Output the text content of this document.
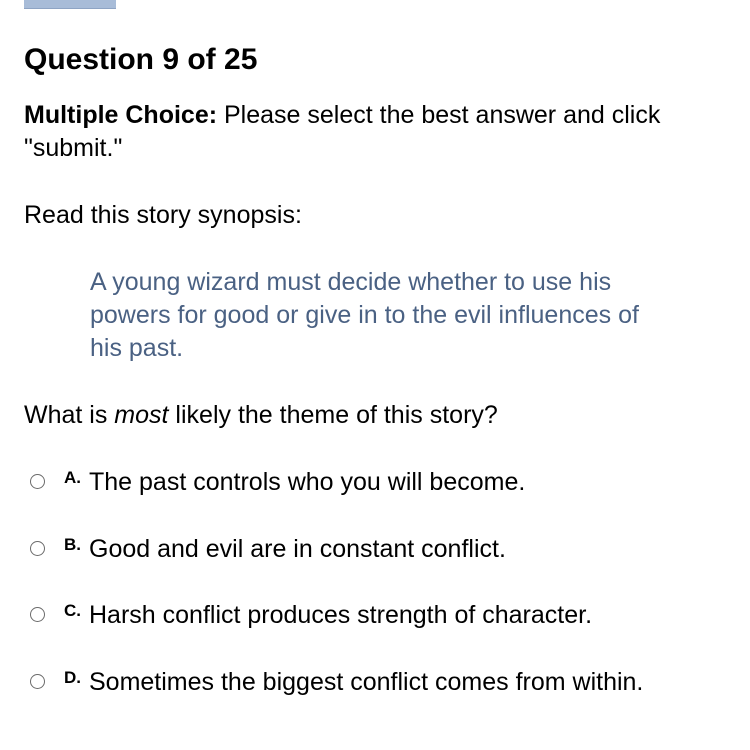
Question 9 of 25

Multiple Choice: Please select the best answer and click "submit."

Read this story synopsis:

A young wizard must decide whether to use his powers for good or give in to the evil influences of his past.

What is most likely the theme of this story?

A. The past controls who you will become.
B. Good and evil are in constant conflict.
C. Harsh conflict produces strength of character.
D. Sometimes the biggest conflict comes from within.
